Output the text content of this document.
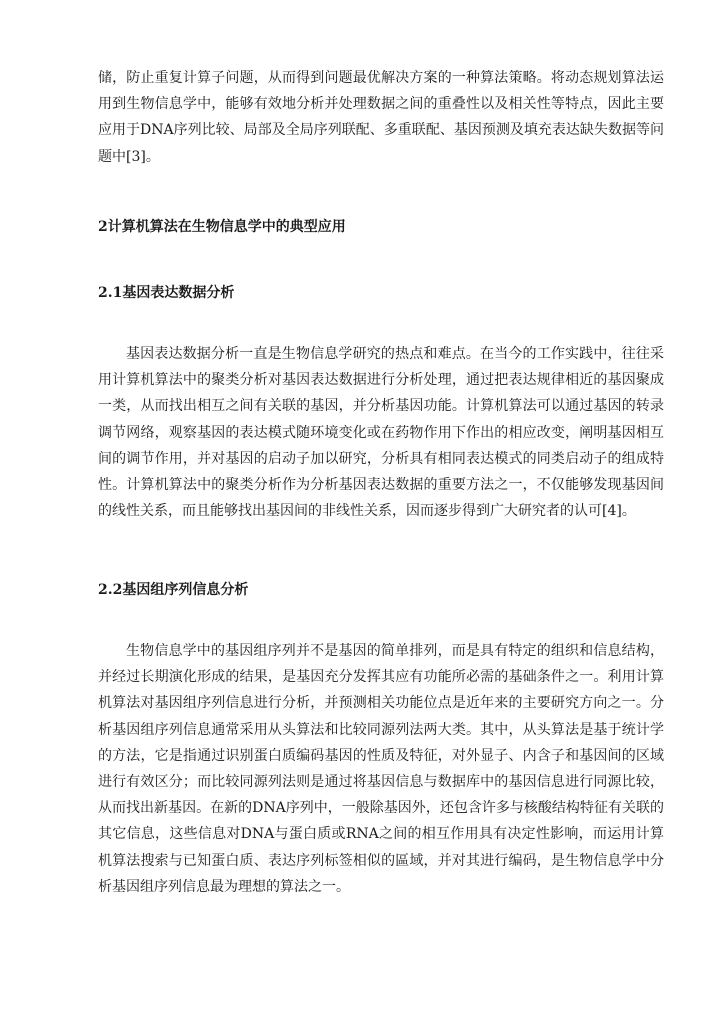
储，防止重复计算子问题，从而得到问题最优解决方案的一种算法策略。将动态规划算法运用到生物信息学中，能够有效地分析并处理数据之间的重叠性以及相关性等特点，因此主要应用于DNA序列比较、局部及全局序列联配、多重联配、基因预测及填充表达缺失数据等问题中[3]。

2计算机算法在生物信息学中的典型应用
2.1基因表达数据分析

基因表达数据分析一直是生物信息学研究的热点和难点。在当今的工作实践中，往往采用计算机算法中的聚类分析对基因表达数据进行分析处理，通过把表达规律相近的基因聚成一类，从而找出相互之间有关联的基因，并分析基因功能。计算机算法可以通过基因的转录调节网络，观察基因的表达模式随环境变化或在药物作用下作出的相应改变，阐明基因相互间的调节作用，并对基因的启动子加以研究，分析具有相同表达模式的同类启动子的组成特性。计算机算法中的聚类分析作为分析基因表达数据的重要方法之一，不仅能够发现基因间的线性关系，而且能够找出基因间的非线性关系，因而逐步得到广大研究者的认可[4]。

2.2基因组序列信息分析

生物信息学中的基因组序列并不是基因的简单排列，而是具有特定的组织和信息结构，并经过长期演化形成的结果，是基因充分发挥其应有功能所必需的基础条件之一。利用计算机算法对基因组序列信息进行分析，并预测相关功能位点是近年来的主要研究方向之一。分析基因组序列信息通常采用从头算法和比较同源列法两大类。其中，从头算法是基于统计学的方法，它是指通过识别蛋白质编码基因的性质及特征，对外显子、内含子和基因间的区域进行有效区分；而比较同源列法则是通过将基因信息与数据库中的基因信息进行同源比较，从而找出新基因。在新的DNA序列中，一般除基因外，还包含许多与核酸结构特征有关联的其它信息，这些信息对DNA与蛋白质或RNA之间的相互作用具有决定性影响，而运用计算机算法搜索与已知蛋白质、表达序列标签相似的區域，并对其进行编码，是生物信息学中分析基因组序列信息最为理想的算法之一。
